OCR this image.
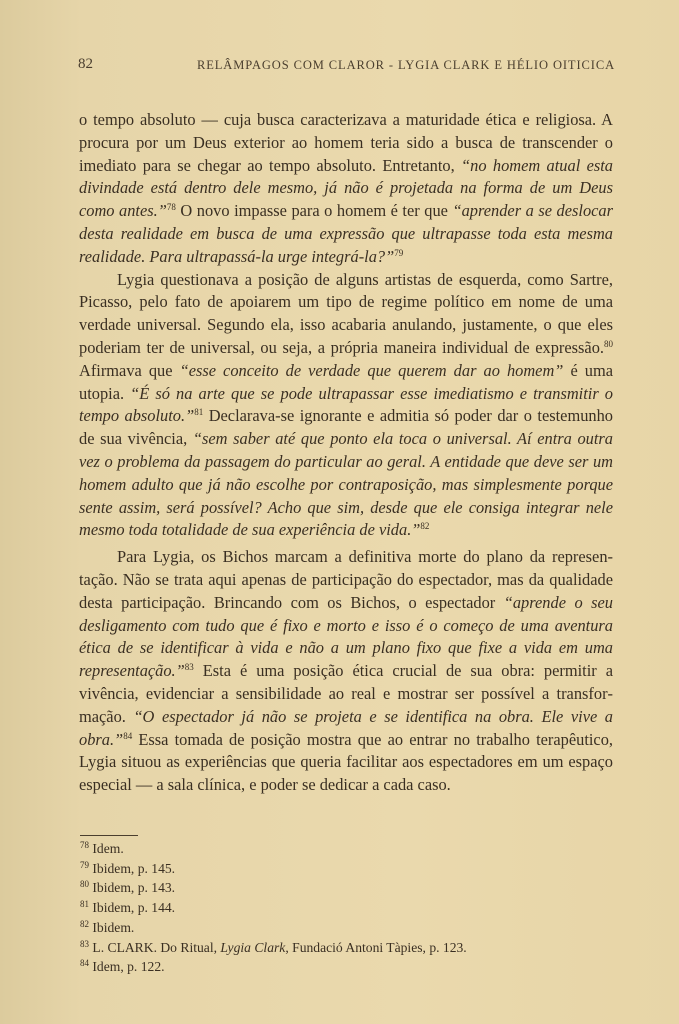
82	RELÂMPAGOS COM CLAROR - LYGIA CLARK E HÉLIO OITICICA

o tempo absoluto — cuja busca caracterizava a maturidade ética e religiosa. A procura por um Deus exterior ao homem teria sido a busca de transcender o imediato para se chegar ao tempo absoluto. Entretanto, “no homem atual esta divindade está dentro dele mesmo, já não é projetada na forma de um Deus como antes.”$^{78}$ O novo impasse para o homem é ter que “aprender a se deslocar desta realidade em busca de uma expressão que ultrapasse toda esta mesma realidade. Para ultrapassá-la urge integrá-la?”$^{79}$

Lygia questionava a posição de alguns artistas de esquerda, como Sartre, Picasso, pelo fato de apoiarem um tipo de regime político em nome de uma verdade universal. Segundo ela, isso acabaria anulando, justamente, o que eles poderiam ter de universal, ou seja, a própria maneira individual de expressão.$^{80}$ Afirmava que “esse conceito de verdade que querem dar ao homem” é uma utopia. “É só na arte que se pode ultrapassar esse imediatismo e transmitir o tempo absoluto.”$^{81}$ Declarava-se ignorante e admitia só poder dar o testemunho de sua vivência, “sem saber até que ponto ela toca o universal. Aí entra outra vez o problema da passagem do particular ao geral. A entidade que deve ser um homem adulto que já não escolhe por contraposição, mas simplesmente porque sente assim, será possível? Acho que sim, desde que ele consiga integrar nele mesmo toda totalidade de sua experiência de vida.”$^{82}$

Para Lygia, os Bichos marcam a definitiva morte do plano da representação. Não se trata aqui apenas de participação do espectador, mas da qualidade desta participação. Brincando com os Bichos, o espectador “aprende o seu desligamento com tudo que é fixo e morto e isso é o começo de uma aventura ética de se identificar à vida e não a um plano fixo que fixe a vida em uma representação.”$^{83}$ Esta é uma posição ética crucial de sua obra: permitir a vivência, evidenciar a sensibilidade ao real e mostrar ser possível a transformação. “O espectador já não se projeta e se identifica na obra. Ele vive a obra.”$^{84}$ Essa tomada de posição mostra que ao entrar no trabalho terapêutico, Lygia situou as experiências que queria facilitar aos espectadores em um espaço especial — a sala clínica, e poder se dedicar a cada caso.

$^{78}$ Idem.
$^{79}$ Ibidem, p. 145.
$^{80}$ Ibidem, p. 143.
$^{81}$ Ibidem, p. 144.
$^{82}$ Ibidem.
$^{83}$ L. CLARK. Do Ritual, Lygia Clark, Fundació Antoni Tàpies, p. 123.
$^{84}$ Idem, p. 122.
